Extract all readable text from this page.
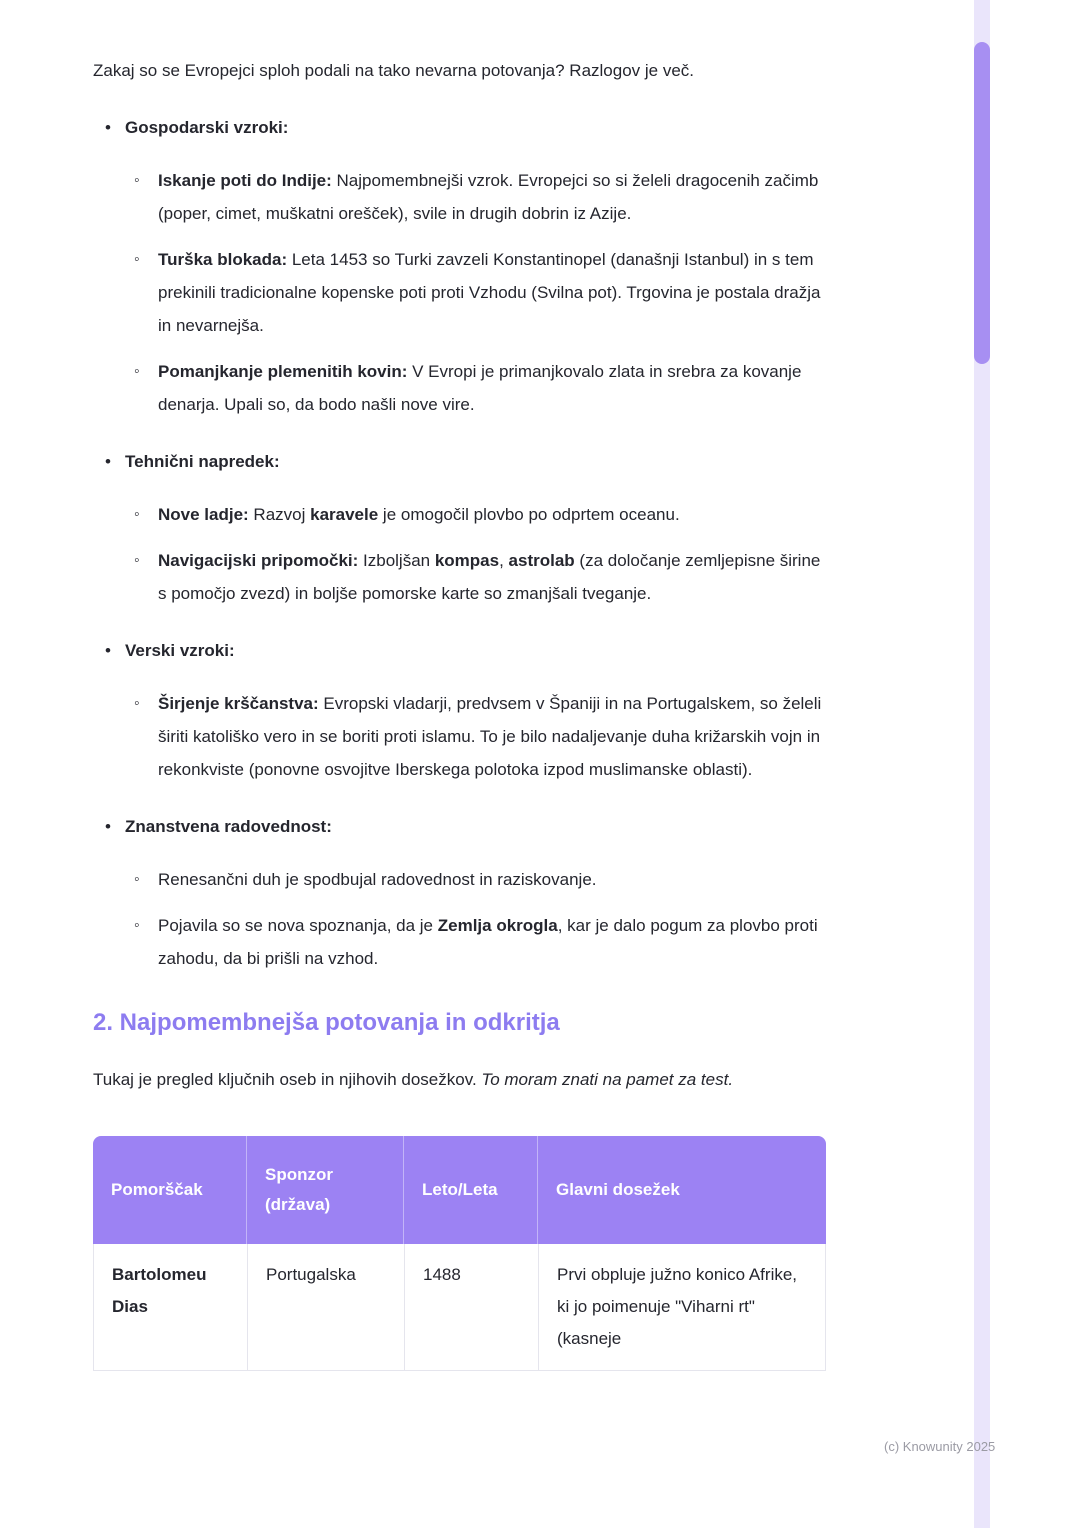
Zakaj so se Evropejci sploh podali na tako nevarna potovanja? Razlogov je več.

• Gospodarski vzroki:
◦ Iskanje poti do Indije: Najpomembnejši vzrok. Evropejci so si želeli dragocenih začimb (poper, cimet, muškatni orešček), svile in drugih dobrin iz Azije.
◦ Turška blokada: Leta 1453 so Turki zavzeli Konstantinopel (današnji Istanbul) in s tem prekinili tradicionalne kopenske poti proti Vzhodu (Svilna pot). Trgovina je postala dražja in nevarnejša.
◦ Pomanjkanje plemenitih kovin: V Evropi je primanjkovalo zlata in srebra za kovanje denarja. Upali so, da bodo našli nove vire.
• Tehnični napredek:
◦ Nove ladje: Razvoj karavele je omogočil plovbo po odprtem oceanu.
◦ Navigacijski pripomočki: Izboljšan kompas, astrolab (za določanje zemljepisne širine s pomočjo zvezd) in boljše pomorske karte so zmanjšali tveganje.
• Verski vzroki:
◦ Širjenje krščanstva: Evropski vladarji, predvsem v Španiji in na Portugalskem, so želeli širiti katoliško vero in se boriti proti islamu. To je bilo nadaljevanje duha križarskih vojn in rekonkviste (ponovne osvojitve Iberskega polotoka izpod muslimanske oblasti).
• Znanstvena radovednost:
◦ Renesančni duh je spodbujal radovednost in raziskovanje.
◦ Pojavila so se nova spoznanja, da je Zemlja okrogla, kar je dalo pogum za plovbo proti zahodu, da bi prišli na vzhod.
2. Najpomembnejša potovanja in odkritja

Tukaj je pregled ključnih oseb in njihovih dosežkov. To moram znati na pamet za test.

Pomorščak	Sponzor (država)	Leto/Leta	Glavni dosežek
Bartolomeu Dias	Portugalska	1488	Prvi obpluje južno konico Afrike, ki jo poimenuje "Viharni rt" (kasneje
(c) Knowunity 2025
